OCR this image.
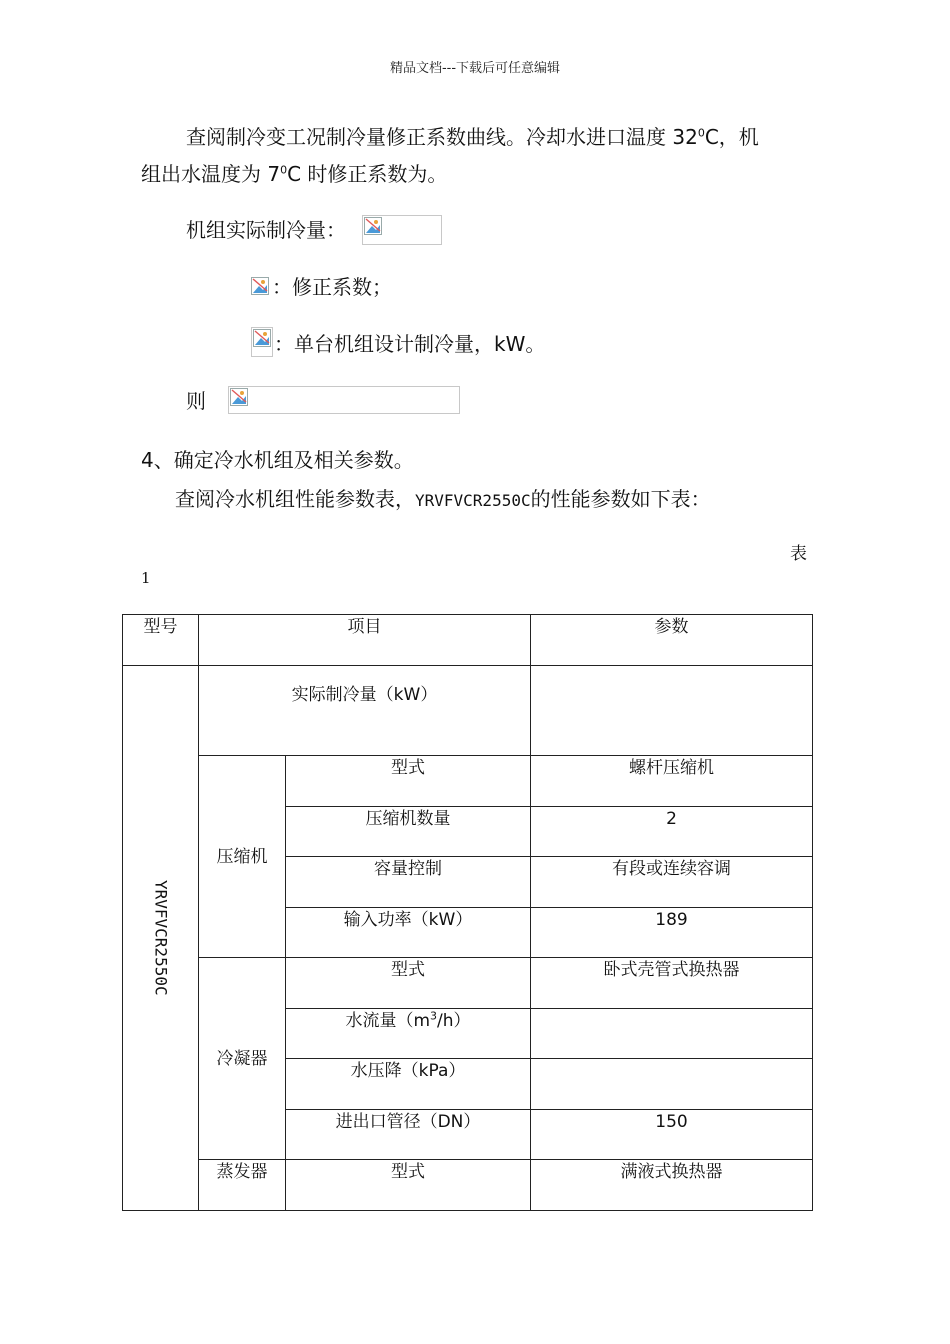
精品文档---下载后可任意编辑
查阅制冷变工况制冷量修正系数曲线。冷却水进口温度 $32^0C$，机
组出水温度为 $7^0C$ 时修正系数为。
机组实际制冷量：
：修正系数；
：单台机组设计制冷量，kW。
则
4、确定冷水机组及相关参数。
查阅冷水机组性能参数表，YRVFVCR2550C的性能参数如下表：
表
1
型号	项目		参数

YRVFVCR2550C	实际制冷量（kW）		

	压缩机	型式	螺杆压缩机

		压缩机数量	2

		容量控制	有段或连续容调

		输入功率（kW）	189

	冷凝器	型式	卧式壳管式换热器

		水流量$(m^3/h)$	

		水压降（kPa）	

		进出口管径（DN）	150

	蒸发器	型式	满液式换热器
